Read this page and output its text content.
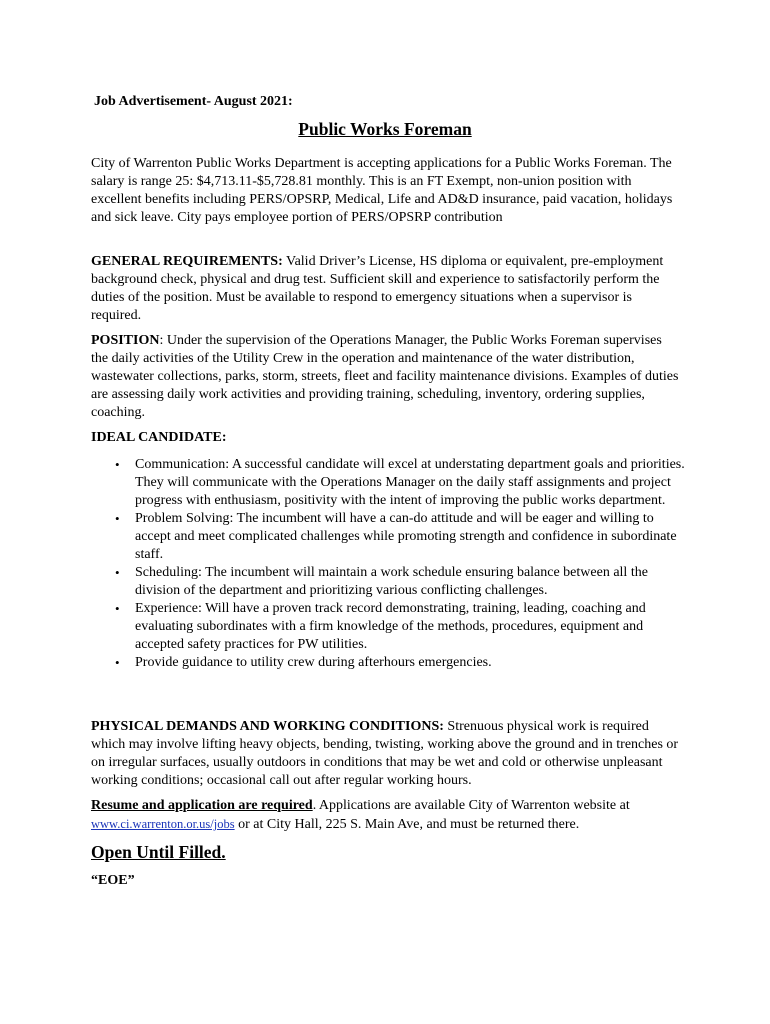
Job Advertisement- August 2021:
Public Works Foreman
City of Warrenton Public Works Department is accepting applications for a Public Works Foreman. The salary is range 25: $4,713.11-$5,728.81 monthly. This is an FT Exempt, non-union position with excellent benefits including PERS/OPSRP, Medical, Life and AD&D insurance, paid vacation, holidays and sick leave. City pays employee portion of PERS/OPSRP contribution
GENERAL REQUIREMENTS: Valid Driver’s License, HS diploma or equivalent, pre-employment background check, physical and drug test. Sufficient skill and experience to satisfactorily perform the duties of the position. Must be available to respond to emergency situations when a supervisor is required.
POSITION: Under the supervision of the Operations Manager, the Public Works Foreman supervises the daily activities of the Utility Crew in the operation and maintenance of the water distribution, wastewater collections, parks, storm, streets, fleet and facility maintenance divisions. Examples of duties are assessing daily work activities and providing training, scheduling, inventory, ordering supplies, coaching.
IDEAL CANDIDATE:
• Communication: A successful candidate will excel at understating department goals and priorities. They will communicate with the Operations Manager on the daily staff assignments and project progress with enthusiasm, positivity with the intent of improving the public works department.
• Problem Solving: The incumbent will have a can-do attitude and will be eager and willing to accept and meet complicated challenges while promoting strength and confidence in subordinate staff.
• Scheduling: The incumbent will maintain a work schedule ensuring balance between all the division of the department and prioritizing various conflicting challenges.
• Experience: Will have a proven track record demonstrating, training, leading, coaching and evaluating subordinates with a firm knowledge of the methods, procedures, equipment and accepted safety practices for PW utilities.
• Provide guidance to utility crew during afterhours emergencies.
PHYSICAL DEMANDS AND WORKING CONDITIONS: Strenuous physical work is required which may involve lifting heavy objects, bending, twisting, working above the ground and in trenches or on irregular surfaces, usually outdoors in conditions that may be wet and cold or otherwise unpleasant working conditions; occasional call out after regular working hours.
Resume and application are required. Applications are available City of Warrenton website at www.ci.warrenton.or.us/jobs or at City Hall, 225 S. Main Ave, and must be returned there.
Open Until Filled.
“EOE”
